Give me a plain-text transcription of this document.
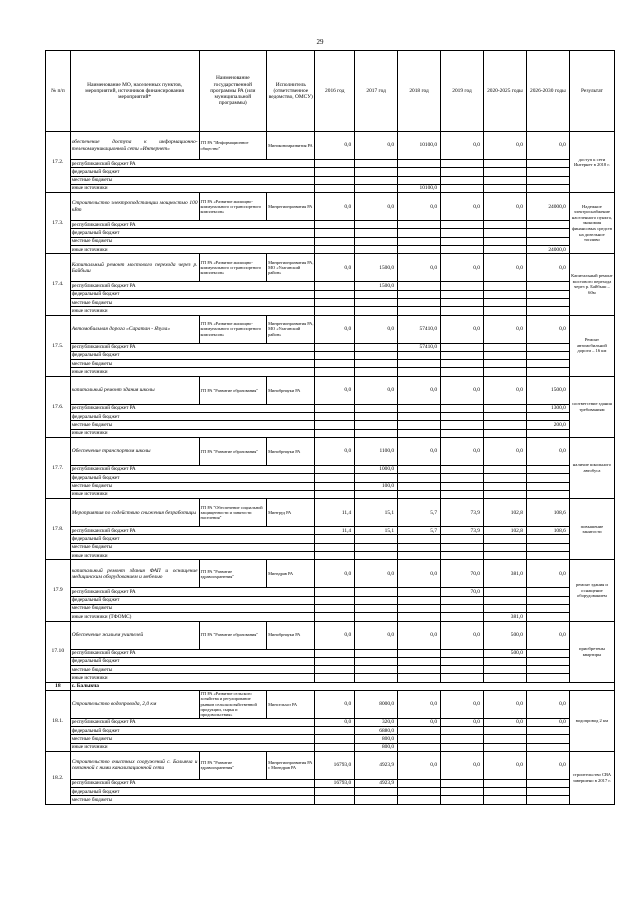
29
№ п/п	Наименование МО, населенных пунктов, мероприятий, источников финансирования мероприятий*	Наименование государственной программы РА (или муниципальной программы)	Исполнитель (ответственное ведомство, ОМСУ)	2016 год	2017 год	2018 год	2019 год	2020-2025 годы	2026-2030 годы	Результат
17.2.	обеспечение доступа к информационно-телекоммуникационной сети «Интернет»	ГП РА "Информационное общество"	Минэкономразвития РА	0,0	0,0	10100,0	0,0	0,0	0,0	доступ к сети Интернет в 2018 г.
	республиканский бюджет РА									
	федеральный бюджет									
	местные бюджеты									
	иные источники					10100,0				
17.3.	Строительство электроподстанции мощностью 100 кВт	ГП РА «Развитие жилищно-коммунального и транспортного комплексов»	Минрегионразвития РА	0,0	0,0	0,0	0,0	0,0	24000,0	Надежное электроснабжение населенного пункта, экономия финансовых средств на дизельное топливо
	республиканский бюджет РА									
	федеральный бюджет									
	местные бюджеты									
	иные источники								24000,0	
17.4.	Капитальный ремонт мостового перехода через р. Байбыш	ГП РА «Развитие жилищно-коммунального и транспортного комплексов»	Минрегионразвития РА, МО «Улаганский район»	0,0	1500,0	0,0	0,0	0,0	0,0	Капитальный ремонт мостового перехода через р. Байбыш – 60м
	республиканский бюджет РА				1500,0					
	федеральный бюджет									
	местные бюджеты									
	иные источники									
17.5.	Автомобильная дорога «Саратан - Язула»	ГП РА «Развитие жилищно-коммунального и транспортного комплексов»	Минрегионразвития РА, МО «Улаганский район»	0,0	0,0	57410,0	0,0	0,0	0,0	Ремонт автомобильной дороги – 16 км
	республиканский бюджет РА					57410,0				
	федеральный бюджет									
	местные бюджеты									
	иные источники									
17.6.	капитальный ремонт здания школы	ГП РА "Развитие образования"	Минобрнауки РА	0,0	0,0	0,0	0,0	0,0	1500,0	соответствие здания требованиям
	республиканский бюджет РА								1300,0	
	федеральный бюджет									
	местные бюджеты								200,0	
	иные источники									
17.7.	Обеспечение транспортом школы	ГП РА "Развитие образования"	Минобрнауки РА	0,0	1100,0	0,0	0,0	0,0	0,0	наличие школьного автобуса
	республиканский бюджет РА				1000,0					
	федеральный бюджет									
	местные бюджеты				100,0					
	иные источники									
17.8.	Мероприятия по содействию снижения безработицы	ГП РА "Обеспечение социальной защищенности и занятости населения"	Минтруд РА	11,4	15,1	5,7	73,9	102,8	108,6	повышение занятости
	республиканский бюджет РА			11,4	15,1	5,7	73,9	102,8	108,6	
	федеральный бюджет									
	местные бюджеты									
	иные источники									
17.9	капитальный ремонт здания ФАП и оснащение медицинским оборудованием и мебелью	ГП РА "Развитие здравоохранения"	Минздрав РА	0,0	0,0	0,0	70,0	381,0	0,0	ремонт здания и оснащение оборудованием
	республиканский бюджет РА						70,0			
	федеральный бюджет									
	местные бюджеты									
	иные источники (ТФОМС)							381,0		
17.10	Обеспечение жильем учителей	ГП РА "Развитие образования"	Минобрнауки РА	0,0	0,0	0,0	0,0	500,0	0,0	приобретены квартиры
	республиканский бюджет РА							500,0		
	федеральный бюджет									
	местные бюджеты									
	иные источники									
18	с. Балыкча									
18.1.	Строительство водопровода, 2,0 км	ГП РА «Развитие сельского хозяйства и регулирование рынков сельскохозяйственной продукции, сырья и продовольствия»	Минсельхоз РА	0,0	8000,0	0,0	0,0	0,0	0,0	водопровод 2 км
	республиканский бюджет РА			0,0	320,0	0,0	0,0	0,0	0,0	
	федеральный бюджет				6880,0					
	местные бюджеты				800,0					
	иные источники				800,0					
18.2.	Строительство очистных сооружений с. Балыкча и связанной с ними канализационной сети	ГП РА "Развитие здравоохранения"	Минрегионразвития РА с Минздрав РА	16793,0	4923,9	0,0	0,0	0,0	0,0	строительство СВА завершено в 2017 г.
	республиканский бюджет РА			16793,0	4923,9					
	федеральный бюджет									
	местные бюджеты									
